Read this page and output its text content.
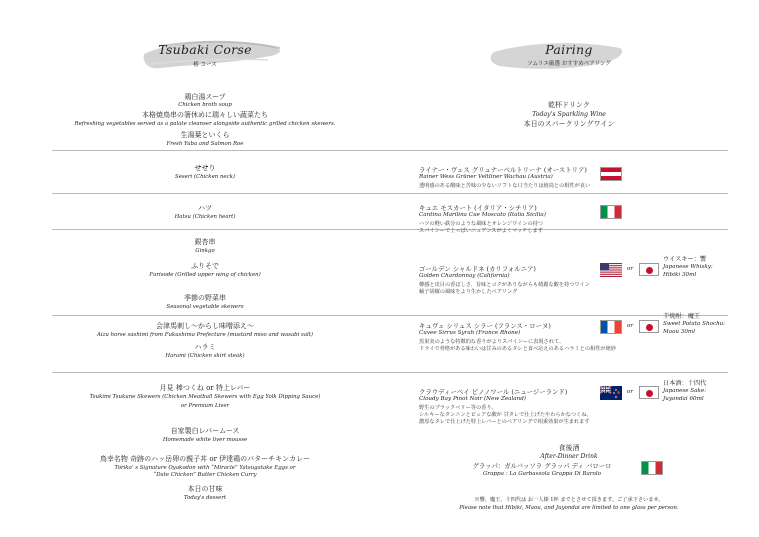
Tsubaki Corse
椿 コース
Pairing
ソムリエ厳選 おすすめペアリング
鶏白湯スープ
Chicken broth soup
本格焼鳥串の箸休めに瑞々しい蔬菜たち
Refreshing vegetables served as a palate cleanser alongside authentic grilled chicken skewers.
生湯葉といくら
Fresh Yuba and Salmon Roe
せせり
Seseri (Chicken neck)
ハツ
Hatsu (Chicken heart)
銀杏串
Ginkgo
ふりそで
Furisode (Grilled upper wing of chicken)
季節の野菜串
Seasonal vegetable skewers
会津馬刺し～からし味噌添え～
Aizu horse sashimi from Fukushima Prefecture (mustard miso and wasabi salt)
ハラミ
Harami (Chicken skirt steak)
月見 棒つくね or 特上レバー
Tsukimi Tsukune Skewers (Chicken Meatball Skewers with Egg Yolk Dipping Sauce)
or Premium Liver
自家製白レバームース
Homemade white liver mousse
鳥幸名物 奇跡のハッ岳卵の親子丼 or 伊達鶏のバターチキンカレー
Toriko’ s Signature Oyakodon with “Miracle” Yatsugatake Eggs or
“Date Chicken” Butter Chicken Curry
本日の甘味
Today's dessert
乾杯ドリンク
Today's Sparkling Wine
本日のスパークリングワイン
ライナー・ヴェス グリュナーベルトリーナ (オーストリア)
Rainer Wess Grüner Veltliner Wachau (Austria)
透明感のある酸味と苦味の少ないソフトな口当たりは焼鳥との相性が良い
キュエ モスカート (イタリア・シチリア)
Cantina Marilina Cue Moscato (Italia Sicilia)
ハツの軽い鉄分のような風味とオレンジワインの持つ
スパイシーで上っぱいニュアンスがよくマッチします
ゴールデン シャルドネ (カリフォルニア)
Golden Chardonnay (California)
樽感と皮目の香ばしさ、旨味とコクがありながらも綺麗な酸を持つワイン
蛹子胡椒の風味をより生かしたペアリング
or
ウイスキー：響
Japanese Whisky:
Hibiki 30ml
キュヴェ シリュス シラー (フランス・ローヌ)
Cuvee Sirrus Syrah (France Rhone)
黒果実のような特徴的な香りがよりスパイシーに表現されて、
ドライで骨格がある味わいは甘みのあるタレと食べ応えのあるハラミとの相性が絶妙
or
芋焼酎：魔王
Sweet Potato Shochu:
Maou 30ml
クラウディーベイ ピノノワール (ニュージーランド)
Cloudy Bay Pinot Noir (New Zealand)
野生のブラックベリー等の香り、
シルキーなタンニンとピュアな酸が 甘タレで仕上げたやわらかなつくね、
濃厚なタレで仕上げた特上レバーとのペアリングで相乗効果が生まれます
or
日本酒：十四代
Japanese Sake:
Juyondai 60ml
食後酒
After-Dinner Drink
グラッパ：ガルバッソラ グラッパ ディ バローロ
Grappa : La Garbassola Grappa Di Barolo
※響、魔王、十四代は お一人様 1杯 までとさせて頂きます。ご了承下さいませ。
Please note that Hibiki, Maou, and Juyondai are limited to one glass per person.
